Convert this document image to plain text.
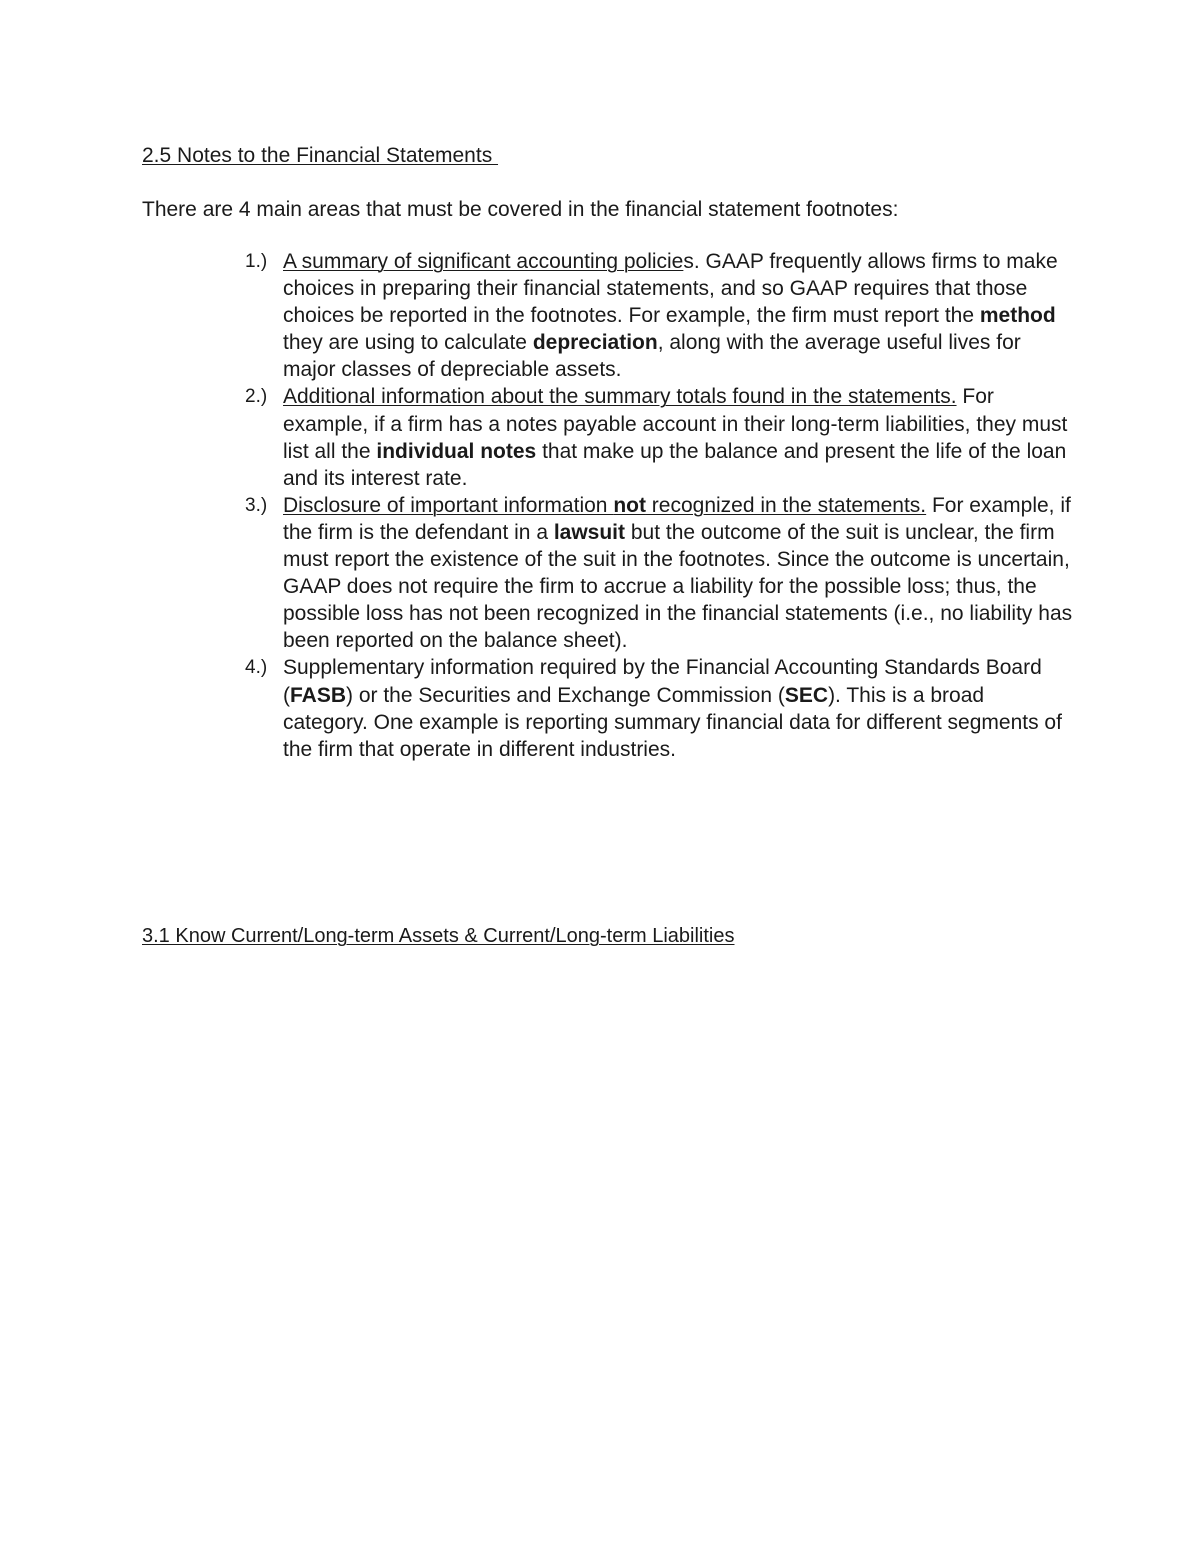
2.5 Notes to the Financial Statements

There are 4 main areas that must be covered in the financial statement footnotes:

1.) A summary of significant accounting policies. GAAP frequently allows firms to make choices in preparing their financial statements, and so GAAP requires that those choices be reported in the footnotes. For example, the firm must report the method they are using to calculate depreciation, along with the average useful lives for major classes of depreciable assets.
2.) Additional information about the summary totals found in the statements. For example, if a firm has a notes payable account in their long-term liabilities, they must list all the individual notes that make up the balance and present the life of the loan and its interest rate.
3.) Disclosure of important information not recognized in the statements. For example, if the firm is the defendant in a lawsuit but the outcome of the suit is unclear, the firm must report the existence of the suit in the footnotes. Since the outcome is uncertain, GAAP does not require the firm to accrue a liability for the possible loss; thus, the possible loss has not been recognized in the financial statements (i.e., no liability has been reported on the balance sheet).
4.) Supplementary information required by the Financial Accounting Standards Board (FASB) or the Securities and Exchange Commission (SEC). This is a broad category. One example is reporting summary financial data for different segments of the firm that operate in different industries.
3.1 Know Current/Long-term Assets & Current/Long-term Liabilities
